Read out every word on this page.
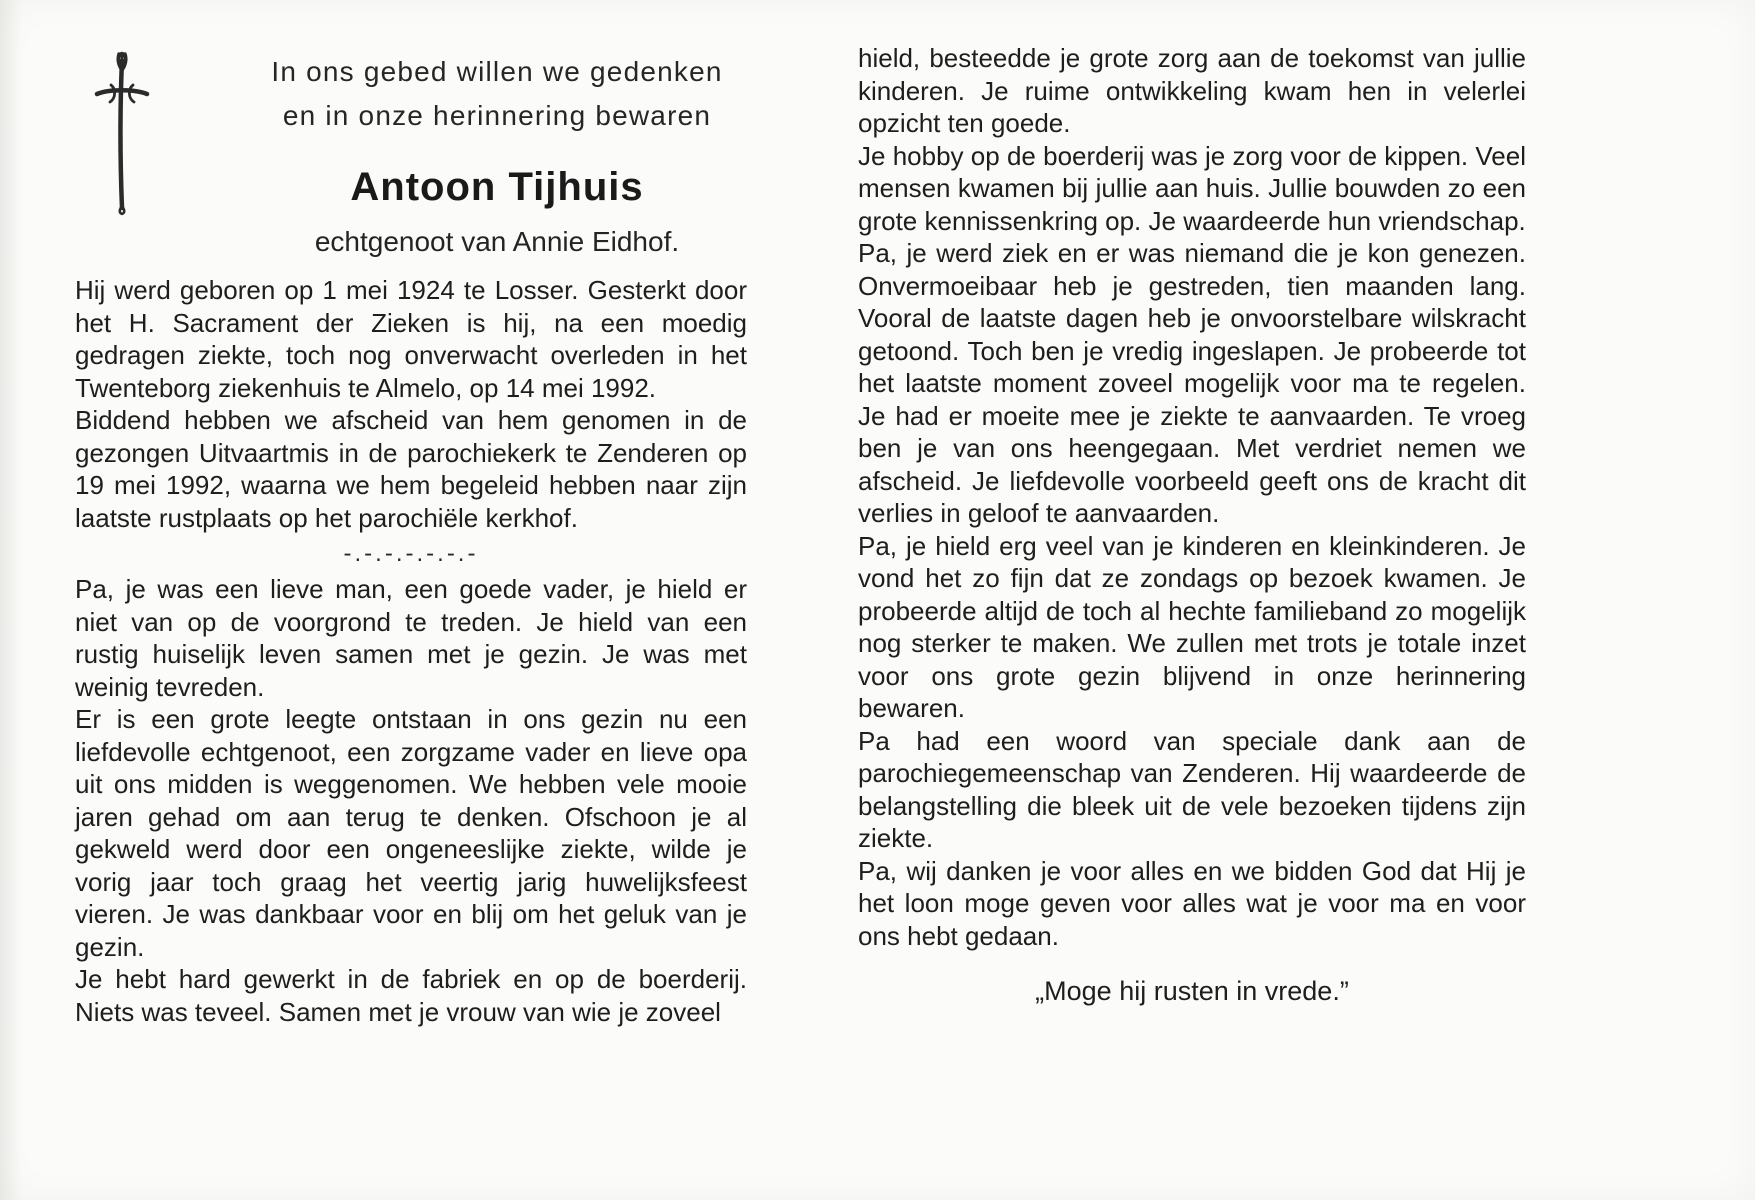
In ons gebed willen we gedenken
en in onze herinnering bewaren
Antoon Tijhuis
echtgenoot van Annie Eidhof.

Hij werd geboren op 1 mei 1924 te Losser. Gesterkt door het H. Sacrament der Zieken is hij, na een moedig gedragen ziekte, toch nog onverwacht overleden in het Twenteborg ziekenhuis te Almelo, op 14 mei 1992.

Biddend hebben we afscheid van hem genomen in de gezongen Uitvaartmis in de parochiekerk te Zenderen op 19 mei 1992, waarna we hem begeleid hebben naar zijn laatste rustplaats op het parochiële kerkhof.

-.-.-.-.-.-.-

Pa, je was een lieve man, een goede vader, je hield er niet van op de voorgrond te treden. Je hield van een rustig huiselijk leven samen met je gezin. Je was met weinig tevreden.

Er is een grote leegte ontstaan in ons gezin nu een liefdevolle echtgenoot, een zorgzame vader en lieve opa uit ons midden is weggenomen. We hebben vele mooie jaren gehad om aan terug te denken. Ofschoon je al gekweld werd door een ongeneeslijke ziekte, wilde je vorig jaar toch graag het veertig jarig huwelijksfeest vieren. Je was dankbaar voor en blij om het geluk van je gezin.

Je hebt hard gewerkt in de fabriek en op de boerderij. Niets was teveel. Samen met je vrouw van wie je zoveel

hield, besteedde je grote zorg aan de toekomst van jullie kinderen. Je ruime ontwikkeling kwam hen in velerlei opzicht ten goede.

Je hobby op de boerderij was je zorg voor de kippen. Veel mensen kwamen bij jullie aan huis. Jullie bouwden zo een grote kennissenkring op. Je waardeerde hun vriendschap.

Pa, je werd ziek en er was niemand die je kon genezen. Onvermoeibaar heb je gestreden, tien maanden lang. Vooral de laatste dagen heb je onvoorstelbare wilskracht getoond. Toch ben je vredig ingeslapen. Je probeerde tot het laatste moment zoveel mogelijk voor ma te regelen. Je had er moeite mee je ziekte te aanvaarden. Te vroeg ben je van ons heengegaan. Met verdriet nemen we afscheid. Je liefdevolle voorbeeld geeft ons de kracht dit verlies in geloof te aanvaarden.

Pa, je hield erg veel van je kinderen en kleinkinderen. Je vond het zo fijn dat ze zondags op bezoek kwamen. Je probeerde altijd de toch al hechte familieband zo mogelijk nog sterker te maken. We zullen met trots je totale inzet voor ons grote gezin blijvend in onze herinnering bewaren.

Pa had een woord van speciale dank aan de parochiegemeenschap van Zenderen. Hij waardeerde de belangstelling die bleek uit de vele bezoeken tijdens zijn ziekte.

Pa, wij danken je voor alles en we bidden God dat Hij je het loon moge geven voor alles wat je voor ma en voor ons hebt gedaan.

„Moge hij rusten in vrede.”
